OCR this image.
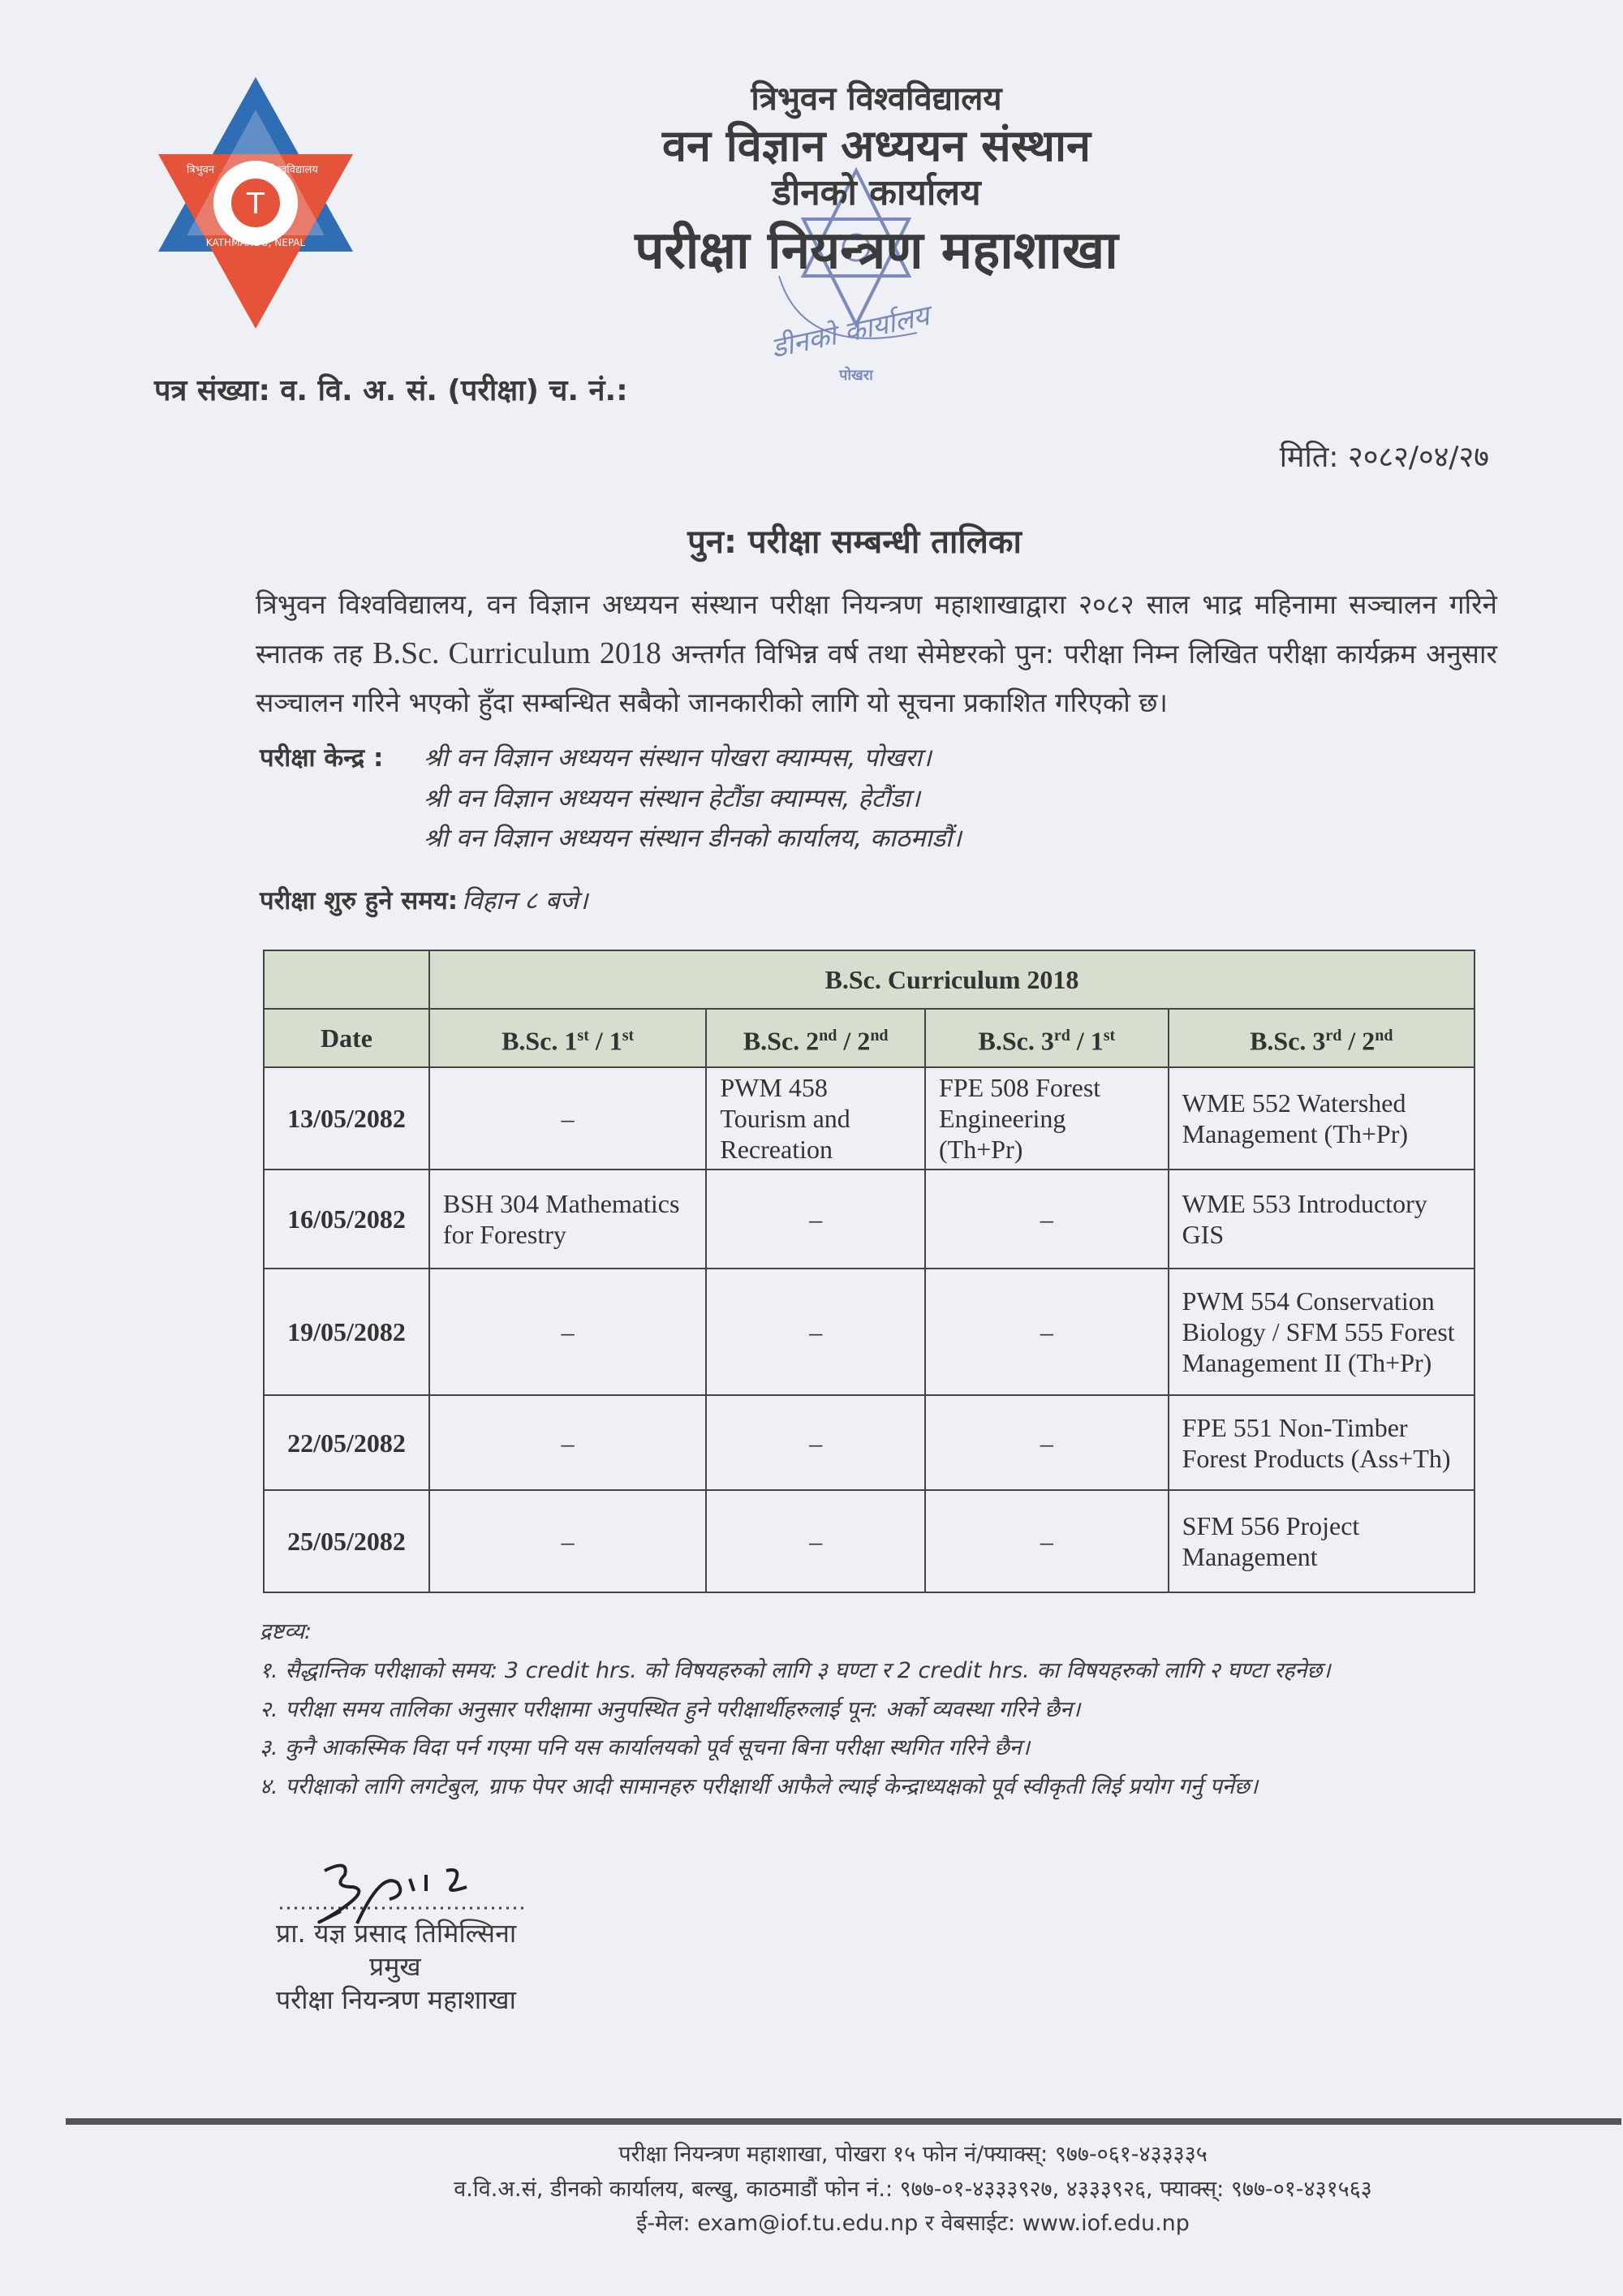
T
त्रिभुवन	विश्वविद्यालय
KATHMANDU, NEPAL
डीनको कार्यालय
पोखरा
त्रिभुवन विश्वविद्यालय
वन विज्ञान अध्ययन संस्थान
डीनको कार्यालय
परीक्षा नियन्त्रण महाशाखा
पत्र संख्या: व. वि. अ. सं. (परीक्षा) च. नं.:
मिति: २०८२/०४/२७
पुन: परीक्षा सम्बन्धी तालिका
त्रिभुवन विश्वविद्यालय, वन विज्ञान अध्ययन संस्थान परीक्षा नियन्त्रण महाशाखाद्वारा २०८२ साल भाद्र महिनामा सञ्चालन गरिने स्नातक तह B.Sc. Curriculum 2018 अन्तर्गत विभिन्न वर्ष तथा सेमेष्टरको पुन: परीक्षा निम्न लिखित परीक्षा कार्यक्रम अनुसार सञ्चालन गरिने भएको हुँदा सम्बन्धित सबैको जानकारीको लागि यो सूचना प्रकाशित गरिएको छ।
परीक्षा केन्द्र : श्री वन विज्ञान अध्ययन संस्थान पोखरा क्याम्पस, पोखरा।
श्री वन विज्ञान अध्ययन संस्थान हेटौंडा क्याम्पस, हेटौंडा।
श्री वन विज्ञान अध्ययन संस्थान डीनको कार्यालय, काठमाडौं।
परीक्षा शुरु हुने समय: विहान ८ बजे।
	B.Sc. Curriculum 2018			
Date	B.Sc. 1st / 1st	B.Sc. 2nd / 2nd	B.Sc. 3rd / 1st	B.Sc. 3rd / 2nd
13/05/2082	–	PWM 458 Tourism and Recreation	FPE 508 Forest Engineering (Th+Pr)	WME 552 Watershed Management (Th+Pr)
16/05/2082	BSH 304 Mathematics for Forestry	–	–	WME 553 Introductory GIS
19/05/2082	–	–	–	PWM 554 Conservation Biology / SFM 555 Forest Management II (Th+Pr)
22/05/2082	–	–	–	FPE 551 Non-Timber Forest Products (Ass+Th)
25/05/2082	–	–	–	SFM 556 Project Management
द्रष्टव्य:
१. सैद्धान्तिक परीक्षाको समय: 3 credit hrs. को विषयहरुको लागि ३ घण्टा र 2 credit hrs. का विषयहरुको लागि २ घण्टा रहनेछ।
२. परीक्षा समय तालिका अनुसार परीक्षामा अनुपस्थित हुने परीक्षार्थीहरुलाई पून: अर्को व्यवस्था गरिने छैन।
३. कुनै आकस्मिक विदा पर्न गएमा पनि यस कार्यालयको पूर्व सूचना बिना परीक्षा स्थगित गरिने छैन।
४. परीक्षाको लागि लगटेबुल, ग्राफ पेपर आदी सामानहरु परीक्षार्थी आफैले ल्याई केन्द्राध्यक्षको पूर्व स्वीकृती लिई प्रयोग गर्नु पर्नेछ।
प्रा. यज्ञ प्रसाद तिमिल्सिना
प्रमुख
परीक्षा नियन्त्रण महाशाखा
परीक्षा नियन्त्रण महाशाखा, पोखरा १५ फोन नं/फ्याक्स्: ९७७-०६१-४३३३३५
व.वि.अ.सं, डीनको कार्यालय, बल्खु, काठमाडौं फोन नं.: ९७७-०१-४३३३९२७, ४३३३९२६, फ्याक्स्: ९७७-०१-४३१५६३
ई-मेल: exam@iof.tu.edu.np र वेबसाईट: www.iof.edu.np
